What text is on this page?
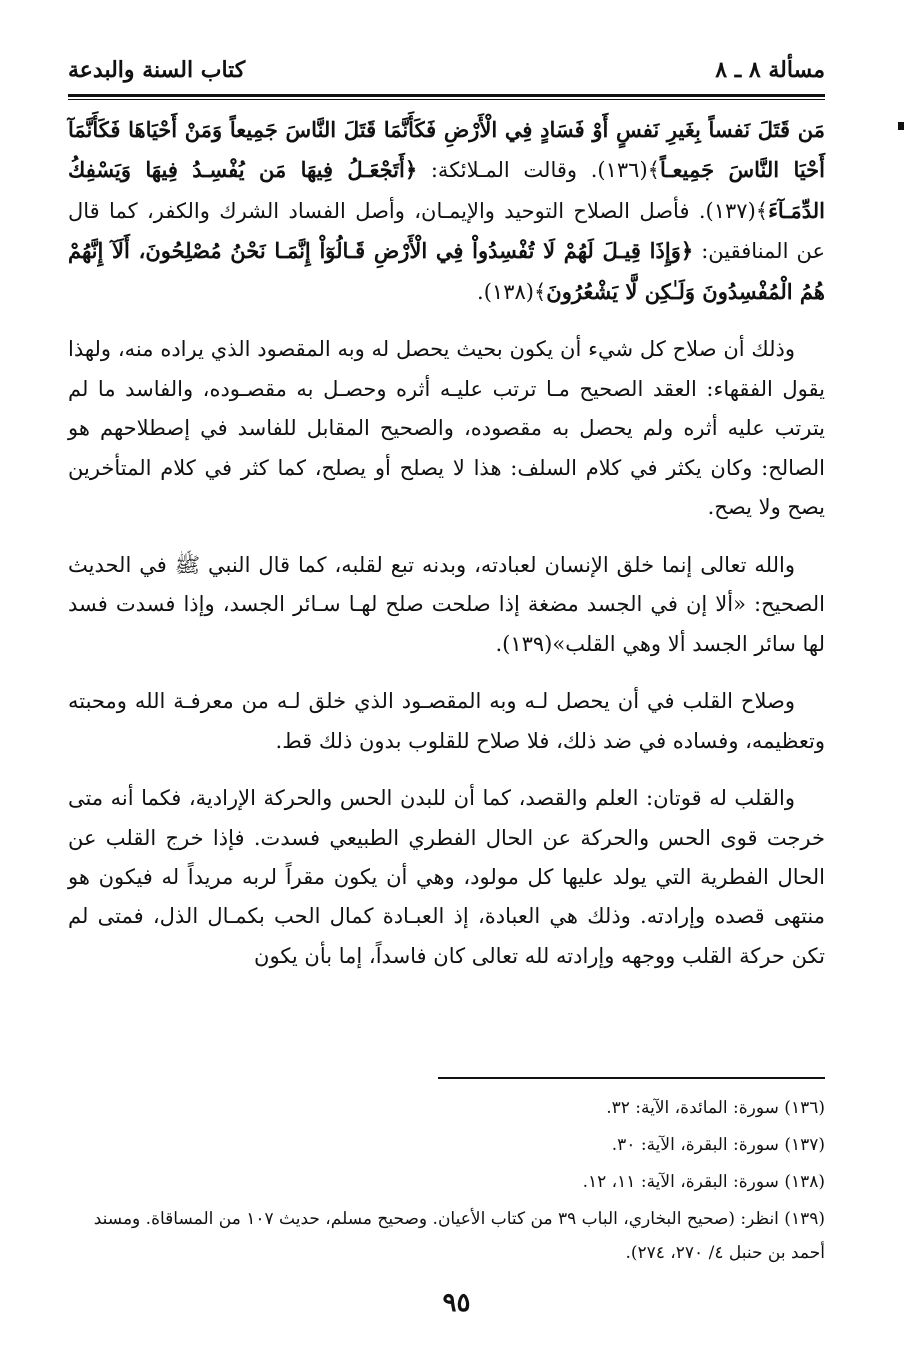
مسألة ٨ ـ ٨
كتاب السنة والبدعة

مَن قَتَلَ نَفساً بِغَيرِ نَفسٍ أَوْ فَسَادٍ فِي الْأَرْضِ فَكَأَنَّمَا قَتَلَ النَّاسَ جَمِيعاً وَمَنْ أَحْيَاهَا فَكَأَنَّمَآ أَحْيَا النَّاسَ جَمِيعـاً﴾(١٣٦). وقالت المـلائكة: ﴿أَتَجْعَـلُ فِيهَا مَن يُفْسِـدُ فِيهَا وَيَسْفِكُ الدِّمَـآءَ﴾(١٣٧). فأصل الصلاح التوحيد والإيمـان، وأصل الفساد الشرك والكفر، كما قال عن المنافقين: ﴿وَإِذَا قِيـلَ لَهُمْ لَا تُفْسِدُواْ فِي الْأَرْضِ قَـالُوٓاْ إِنَّمَـا نَحْنُ مُصْلِحُونَ، أَلَآ إِنَّهُمْ هُمُ الْمُفْسِدُونَ وَلَـٰكِن لَّا يَشْعُرُونَ﴾(١٣٨).

وذلك أن صلاح كل شيء أن يكون بحيث يحصل له وبه المقصود الذي يراده منه، ولهذا يقول الفقهاء: العقد الصحيح مـا ترتب عليـه أثره وحصـل به مقصـوده، والفاسد ما لم يترتب عليه أثره ولم يحصل به مقصوده، والصحيح المقابل للفاسد في إصطلاحهم هو الصالح: وكان يكثر في كلام السلف: هذا لا يصلح أو يصلح، كما كثر في كلام المتأخرين يصح ولا يصح.

والله تعالى إنما خلق الإنسان لعبادته، وبدنه تبع لقلبه، كما قال النبي ﷺ في الحديث الصحيح: «ألا إن في الجسد مضغة إذا صلحت صلح لهـا سـائر الجسد، وإذا فسدت فسد لها سائر الجسد ألا وهي القلب»(١٣٩).

وصلاح القلب في أن يحصل لـه وبه المقصـود الذي خلق لـه من معرفـة الله ومحبته وتعظيمه، وفساده في ضد ذلك، فلا صلاح للقلوب بدون ذلك قط.

والقلب له قوتان: العلم والقصد، كما أن للبدن الحس والحركة الإرادية، فكما أنه متى خرجت قوى الحس والحركة عن الحال الفطري الطبيعي فسدت. فإذا خرج القلب عن الحال الفطرية التي يولد عليها كل مولود، وهي أن يكون مقراً لربه مريداً له فيكون هو منتهى قصده وإرادته. وذلك هي العبادة، إذ العبـادة كمال الحب بكمـال الذل، فمتى لم تكن حركة القلب ووجهه وإرادته لله تعالى كان فاسداً، إما بأن يكون

(١٣٦) سورة: المائدة، الآية: ٣٢.
(١٣٧) سورة: البقرة، الآية: ٣٠.
(١٣٨) سورة: البقرة، الآية: ١١، ١٢.
(١٣٩) انظر: (صحيح البخاري، الباب ٣٩ من كتاب الأعيان. وصحيح مسلم، حديث ١٠٧ من المساقاة. ومسند أحمد بن حنبل ٤/ ٢٧٠، ٢٧٤).
٩٥
